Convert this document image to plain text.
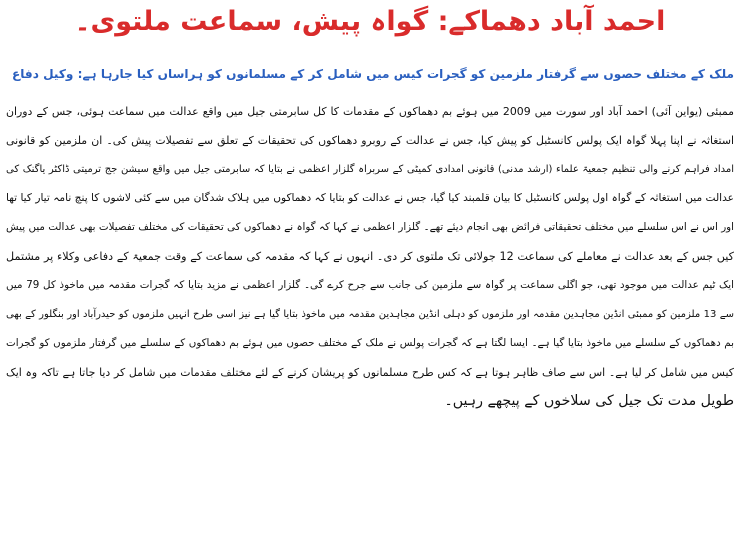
احمد آباد دھماکے: گواہ پیش، سماعت ملتوی۔
ملک کے مختلف حصوں سے گرفتار ملزمین کو گجرات کیس میں شامل کر کے مسلمانوں کو ہراساں کیا جارہا ہے: وکیل دفاع
ممبئی (یواین آئی) احمد آباد اور سورت میں 2009 میں ہوئے بم دھماکوں کے مقدمات کا کل سابرمتی جیل میں واقع عدالت میں سماعت ہوئی، جس کے دوران
استغاثہ نے اپنا پہلا گواہ ایک پولس کانسٹبل کو پیش کیا، جس نے عدالت کے روبرو دھماکوں کی تحقیقات کے تعلق سے تفصیلات پیش کی۔ ان ملزمین کو قانونی
امداد فراہم کرنے والی تنظیم جمعیۃ علماء (ارشد مدنی) قانونی امدادی کمیٹی کے سربراہ گلزار اعظمی نے بتایا کہ سابرمتی جیل میں واقع سیشن جج ترمیتی ڈاکٹر یاگنک کی
عدالت میں استغاثہ کے گواہ اول پولس کانسٹبل کا بیان قلمبند کیا گیا، جس نے عدالت کو بتایا کہ دھماکوں میں ہلاک شدگان میں سے کئی لاشوں کا پنچ نامہ تیار کیا تھا
اور اس نے اس سلسلے میں مختلف تحقیقاتی فرائض بھی انجام دیئے تھے۔ گلزار اعظمی نے کہا کہ گواہ نے دھماکوں کی تحقیقات کی مختلف تفصیلات بھی عدالت میں پیش
کیں جس کے بعد عدالت نے معاملے کی سماعت 12 جولائی تک ملتوی کر دی۔ انہوں نے کہا کہ مقدمہ کی سماعت کے وقت جمعیۃ کے دفاعی وکلاء پر مشتمل
ایک ٹیم عدالت میں موجود تھی، جو اگلی سماعت پر گواہ سے ملزمین کی جانب سے جرح کرے گی۔ گلزار اعظمی نے مزید بتایا کہ گجرات مقدمہ میں ماخوذ کل 79 میں
سے 13 ملزمین کو ممبئی انڈین مجاہدین مقدمہ اور ملزموں کو دہلی انڈین مجاہدین مقدمہ میں ماخوذ بتایا گیا ہے نیز اسی طرح انہیں ملزموں کو حیدرآباد اور بنگلور کے بھی
بم دھماکوں کے سلسلے میں ماخوذ بتایا گیا ہے۔ ایسا لگتا ہے کہ گجرات پولس نے ملک کے مختلف حصوں میں ہوئے بم دھماکوں کے سلسلے میں گرفتار ملزموں کو گجرات
کیس میں شامل کر لیا ہے۔ اس سے صاف ظاہر ہوتا ہے کہ کس طرح مسلمانوں کو پریشان کرنے کے لئے مختلف مقدمات میں شامل کر دیا جاتا ہے تاکہ وہ ایک
طویل مدت تک جیل کی سلاخوں کے پیچھے رہیں۔
